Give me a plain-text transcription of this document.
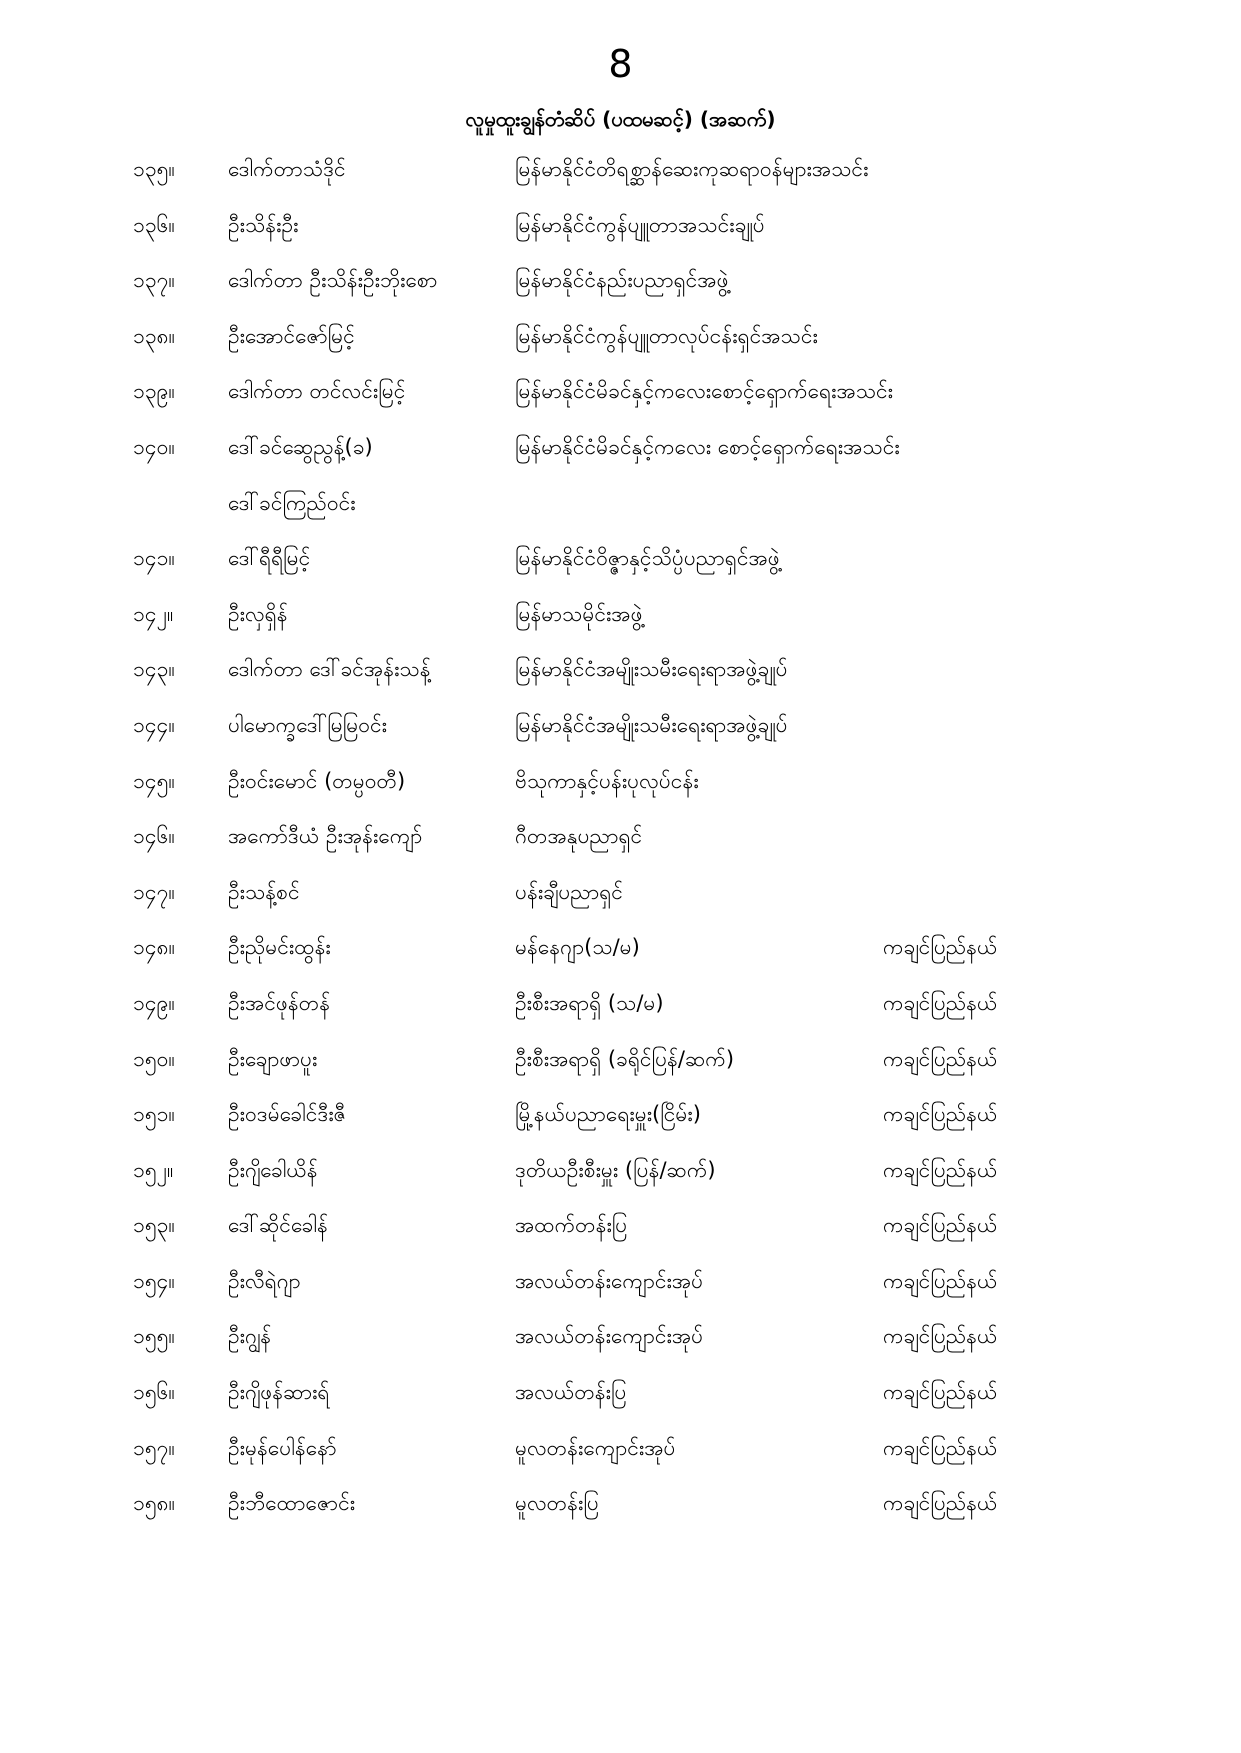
8
လူမှုထူးချွန်တံဆိပ် (ပထမဆင့်) (အဆက်)
၁၃၅။	ဒေါက်တာသံဒိုင်	မြန်မာနိုင်ငံတိရစ္ဆာန်ဆေးကုဆရာဝန်များအသင်း
၁၃၆။	ဦးသိန်းဦး	မြန်မာနိုင်ငံကွန်ပျူတာအသင်းချုပ်
၁၃၇။	ဒေါက်တာ ဦးသိန်းဦးဘိုးစော	မြန်မာနိုင်ငံနည်းပညာရှင်အဖွဲ့
၁၃၈။	ဦးအောင်ဇော်မြင့်	မြန်မာနိုင်ငံကွန်ပျူတာလုပ်ငန်းရှင်အသင်း
၁၃၉။	ဒေါက်တာ တင်လင်းမြင့်	မြန်မာနိုင်ငံမိခင်နှင့်ကလေးစောင့်ရှောက်ရေးအသင်း
၁၄၀။	ဒေါ်ခင်ဆွေညွန့်(ခ)	မြန်မာနိုင်ငံမိခင်နှင့်ကလေး စောင့်ရှောက်ရေးအသင်း
ဒေါ်ခင်ကြည်ဝင်း
၁၄၁။	ဒေါ်ရီရီမြင့်	မြန်မာနိုင်ငံဝိဇ္ဇာနှင့်သိပ္ပံပညာရှင်အဖွဲ့
၁၄၂။	ဦးလှရှိန်	မြန်မာသမိုင်းအဖွဲ့
၁၄၃။	ဒေါက်တာ ဒေါ်ခင်အုန်းသန့်	မြန်မာနိုင်ငံအမျိုးသမီးရေးရာအဖွဲ့ချုပ်
၁၄၄။	ပါမောက္ခဒေါ်မြမြဝင်း	မြန်မာနိုင်ငံအမျိုးသမီးရေးရာအဖွဲ့ချုပ်
၁၄၅။	ဦးဝင်းမောင် (တမ္ပဝတီ)	ဗိသုကာနှင့်ပန်းပုလုပ်ငန်း
၁၄၆။	အကော်ဒီယံ ဦးအုန်းကျော်	ဂီတအနုပညာရှင်
၁၄၇။	ဦးသန့်စင်	ပန်းချီပညာရှင်
၁၄၈။	ဦးညိုမင်းထွန်း	မန်နေဂျာ(သ/မ)	ကချင်ပြည်နယ်
၁၄၉။	ဦးအင်ဖုန်တန်	ဦးစီးအရာရှိ (သ/မ)	ကချင်ပြည်နယ်
၁၅၀။	ဦးချောဖာပူး	ဦးစီးအရာရှိ (ခရိုင်ပြန်/ဆက်)	ကချင်ပြည်နယ်
၁၅၁။	ဦးဝဒမ်ခေါင်ဒီးဇီ	မြို့နယ်ပညာရေးမှူး(ငြိမ်း)	ကချင်ပြည်နယ်
၁၅၂။	ဦးဂျိခေါယိန်	ဒုတိယဦးစီးမှူး (ပြန်/ဆက်)	ကချင်ပြည်နယ်
၁၅၃။	ဒေါ်ဆိုင်ခေါန်	အထက်တန်းပြ	ကချင်ပြည်နယ်
၁၅၄။	ဦးလီရဲဂျာ	အလယ်တန်းကျောင်းအုပ်	ကချင်ပြည်နယ်
၁၅၅။	ဦးဂျွန်	အလယ်တန်းကျောင်းအုပ်	ကချင်ပြည်နယ်
၁၅၆။	ဦးဂျိဖုန်ဆားရ်	အလယ်တန်းပြ	ကချင်ပြည်နယ်
၁၅၇။	ဦးမုန်ပေါန်နော်	မူလတန်းကျောင်းအုပ်	ကချင်ပြည်နယ်
၁၅၈။	ဦးဘီထောဇောင်း	မူလတန်းပြ	ကချင်ပြည်နယ်
